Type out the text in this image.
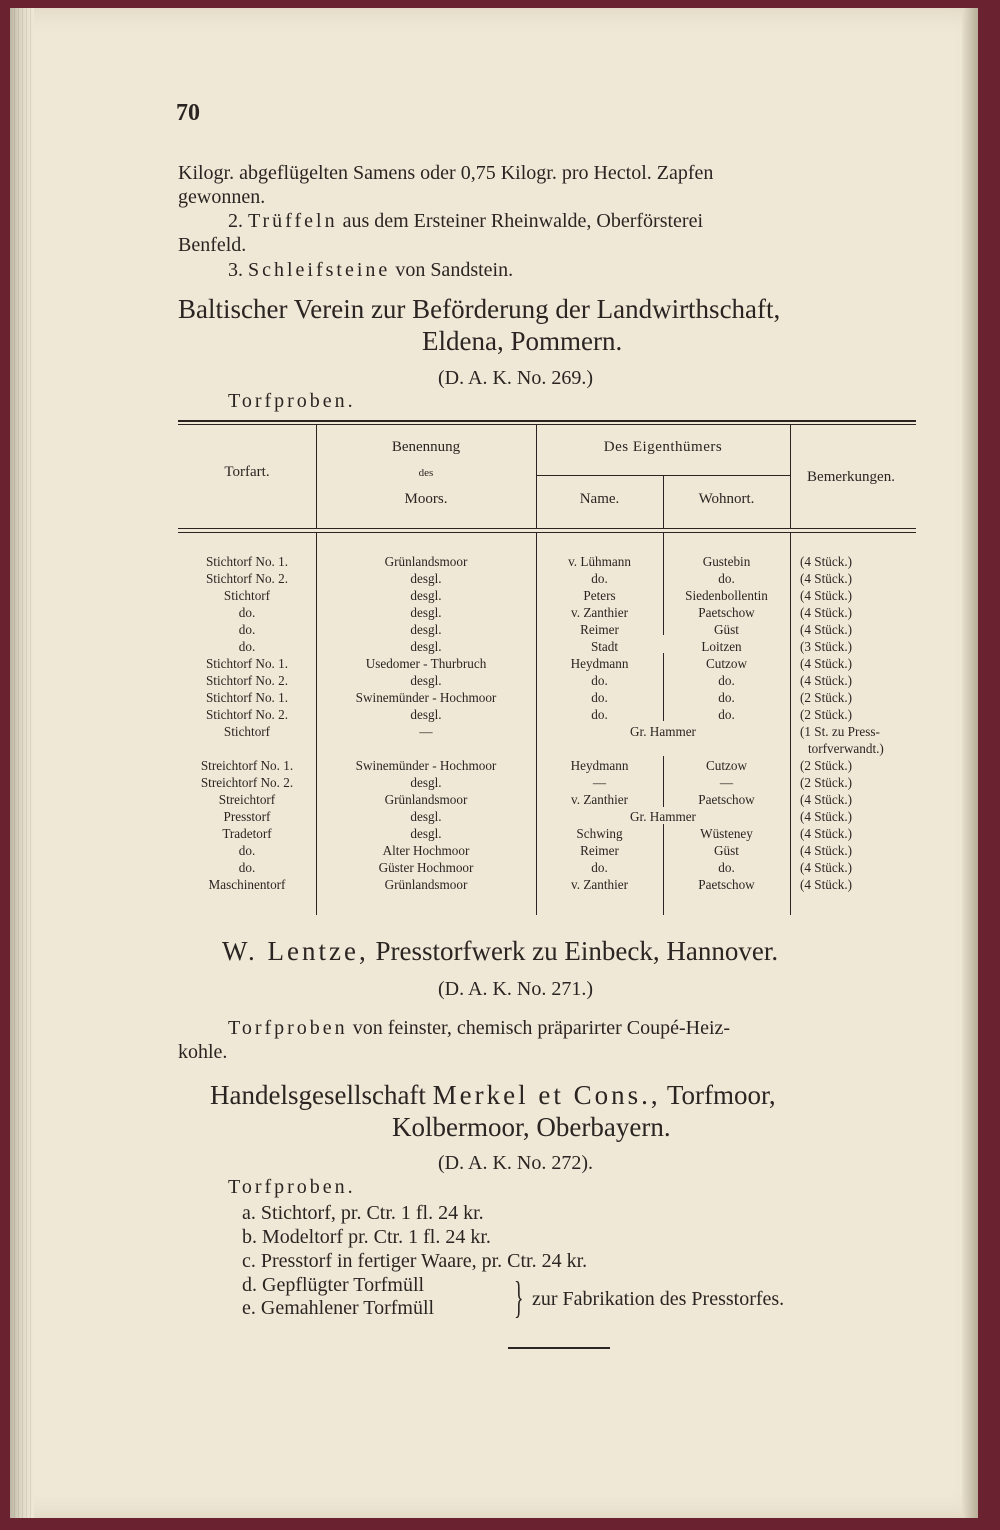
70
Kilogr. abgeflügelten Samens oder 0,75 Kilogr. pro Hectol. Zapfen
gewonnen.
2. Trüffeln aus dem Ersteiner Rheinwalde, Oberförsterei
Benfeld.
3. Schleifsteine von Sandstein.
Baltischer Verein zur Beförderung der Landwirthschaft,
Eldena, Pommern.
(D. A. K. No. 269.)
Torfproben.
Torfart.
Benennung
des
Moors.
Des Eigenthümers
Name.	Wohnort.
Bemerkungen.
Stichtorf No. 1.	Grünlandsmoor	v. Lühmann	Gustebin	(4 Stück.)
Stichtorf No. 2.	desgl.	do.	do.	(4 Stück.)
Stichtorf	desgl.	Peters	Siedenbollentin	(4 Stück.)
do.	desgl.	v. Zanthier	Paetschow	(4 Stück.)
do.	desgl.	Reimer	Güst	(4 Stück.)
do.	desgl.	Stadt	Loitzen	(3 Stück.)
Stichtorf No. 1.	Usedomer - Thurbruch	Heydmann	Cutzow	(4 Stück.)
Stichtorf No. 2.	desgl.	do.	do.	(4 Stück.)
Stichtorf No. 1.	Swinemünder - Hochmoor	do.	do.	(2 Stück.)
Stichtorf No. 2.	desgl.	do.	do.	(2 Stück.)
Stichtorf	—	Gr. Hammer	(1 St. zu Press-
torfverwandt.)
Streichtorf No. 1.	Swinemünder - Hochmoor	Heydmann	Cutzow	(2 Stück.)
Streichtorf No. 2.	desgl.	—	—	(2 Stück.)
Streichtorf	Grünlandsmoor	v. Zanthier	Paetschow	(4 Stück.)
Presstorf	desgl.	Gr. Hammer	(4 Stück.)
Tradetorf	desgl.	Schwing	Wüsteney	(4 Stück.)
do.	Alter Hochmoor	Reimer	Güst	(4 Stück.)
do.	Güster Hochmoor	do.	do.	(4 Stück.)
Maschinentorf	Grünlandsmoor	v. Zanthier	Paetschow	(4 Stück.)
W. Lentze, Presstorfwerk zu Einbeck, Hannover.
(D. A. K. No. 271.)
Torfproben von feinster, chemisch präparirter Coupé-Heiz-
kohle.
Handelsgesellschaft Merkel et Cons., Torfmoor,
Kolbermoor, Oberbayern.
(D. A. K. No. 272).
Torfproben.
a. Stichtorf, pr. Ctr. 1 fl. 24 kr.
b. Modeltorf pr. Ctr. 1 fl. 24 kr.
c. Presstorf in fertiger Waare, pr. Ctr. 24 kr.
d. Gepflügter Torfmüll
e. Gemahlener Torfmüll } zur Fabrikation des Presstorfes.
